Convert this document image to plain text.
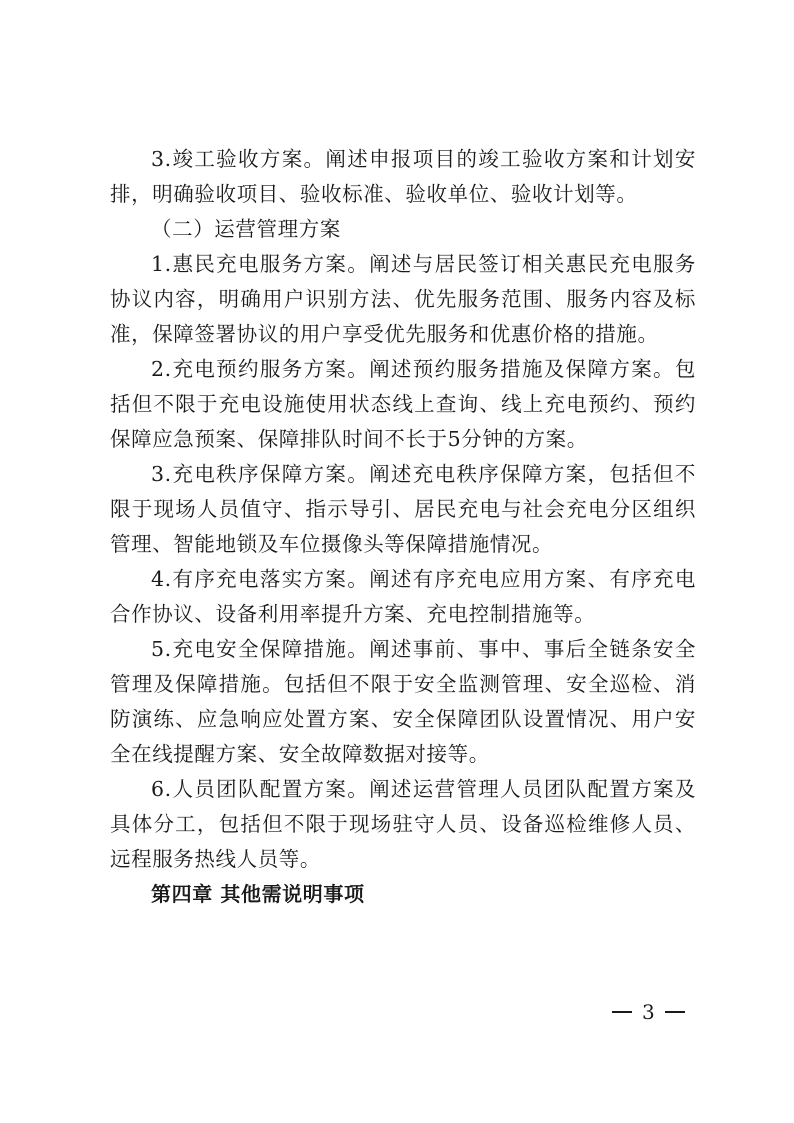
3.竣工验收方案。阐述申报项目的竣工验收方案和计划安排，明确验收项目、验收标准、验收单位、验收计划等。

（二）运营管理方案

1.惠民充电服务方案。阐述与居民签订相关惠民充电服务协议内容，明确用户识别方法、优先服务范围、服务内容及标准，保障签署协议的用户享受优先服务和优惠价格的措施。

2.充电预约服务方案。阐述预约服务措施及保障方案。包括但不限于充电设施使用状态线上查询、线上充电预约、预约保障应急预案、保障排队时间不长于5分钟的方案。

3.充电秩序保障方案。阐述充电秩序保障方案，包括但不限于现场人员值守、指示导引、居民充电与社会充电分区组织管理、智能地锁及车位摄像头等保障措施情况。

4.有序充电落实方案。阐述有序充电应用方案、有序充电合作协议、设备利用率提升方案、充电控制措施等。

5.充电安全保障措施。阐述事前、事中、事后全链条安全管理及保障措施。包括但不限于安全监测管理、安全巡检、消防演练、应急响应处置方案、安全保障团队设置情况、用户安全在线提醒方案、安全故障数据对接等。

6.人员团队配置方案。阐述运营管理人员团队配置方案及具体分工，包括但不限于现场驻守人员、设备巡检维修人员、远程服务热线人员等。

第四章 其他需说明事项

3
